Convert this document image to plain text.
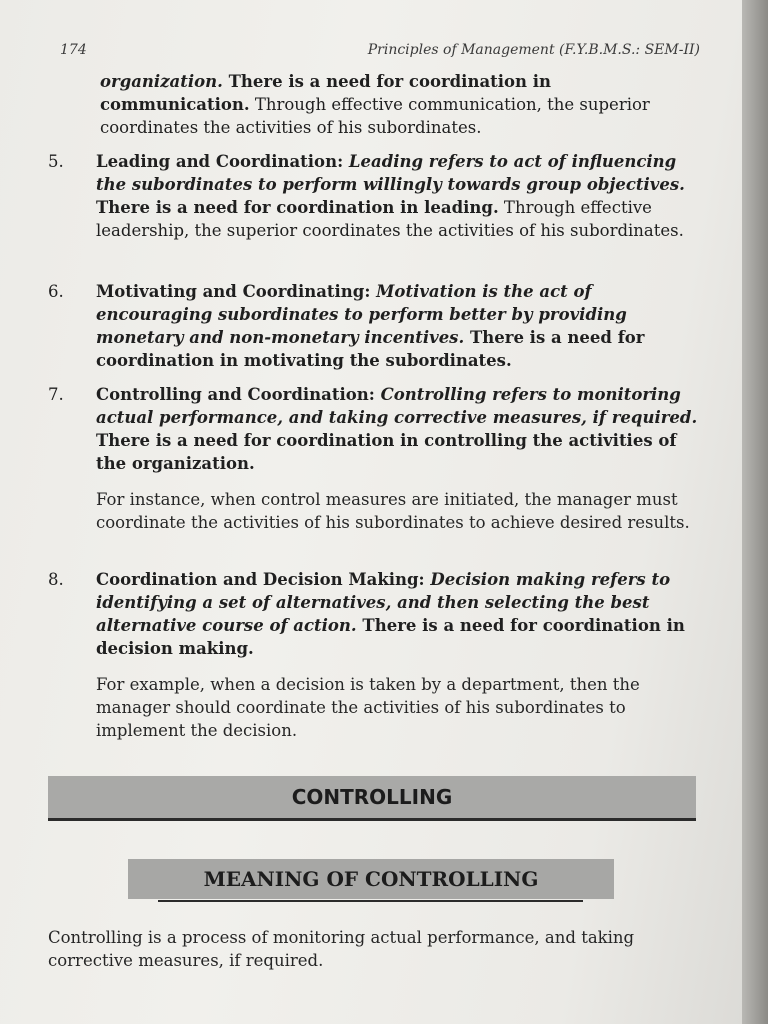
174	Principles of Management (F.Y.B.M.S.: SEM-II)
organization. There is a need for coordination in communication. Through effective communication, the superior coordinates the activities of his subordinates.
5.	Leading and Coordination: Leading refers to act of influencing the subordinates to perform willingly towards group objectives. There is a need for coordination in leading. Through effective leadership, the superior coordinates the activities of his subordinates.
6.	Motivating and Coordinating: Motivation is the act of encouraging subordinates to perform better by providing monetary and non-monetary incentives. There is a need for coordination in motivating the subordinates.
7.	Controlling and Coordination: Controlling refers to monitoring actual performance, and taking corrective measures, if required. There is a need for coordination in controlling the activities of the organization.
For instance, when control measures are initiated, the manager must coordinate the activities of his subordinates to achieve desired results.
8.	Coordination and Decision Making: Decision making refers to identifying a set of alternatives, and then selecting the best alternative course of action. There is a need for coordination in decision making.
For example, when a decision is taken by a department, then the manager should coordinate the activities of his subordinates to implement the decision.
CONTROLLING
MEANING OF CONTROLLING
Controlling is a process of monitoring actual performance, and taking corrective measures, if required.
